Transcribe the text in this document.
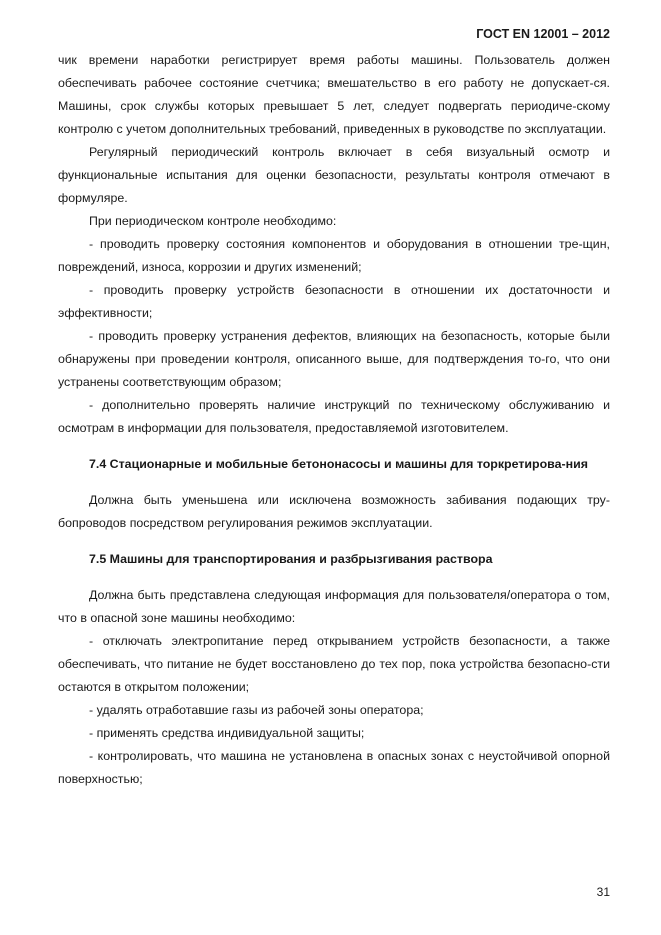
ГОСТ EN 12001 – 2012

чик времени наработки регистрирует время работы машины. Пользователь должен обеспечивать рабочее состояние счетчика; вмешательство в его работу не допускает-ся. Машины, срок службы которых превышает 5 лет, следует подвергать периодиче-скому контролю с учетом дополнительных требований, приведенных в руководстве по эксплуатации.

Регулярный периодический контроль включает в себя визуальный осмотр и функциональные испытания для оценки безопасности, результаты контроля отмечают в формуляре.

При периодическом контроле необходимо:

- проводить проверку состояния компонентов и оборудования в отношении тре-щин, повреждений, износа, коррозии и других изменений;

- проводить проверку устройств безопасности в отношении их достаточности и эффективности;

- проводить проверку устранения дефектов, влияющих на безопасность, которые были обнаружены при проведении контроля, описанного выше, для подтверждения то-го, что они устранены соответствующим образом;

- дополнительно проверять наличие инструкций по техническому обслуживанию и осмотрам в информации для пользователя, предоставляемой изготовителем.

7.4 Стационарные и мобильные бетононасосы и машины для торкретирова-ния

Должна быть уменьшена или исключена возможность забивания подающих тру-бопроводов посредством регулирования режимов эксплуатации.

7.5 Машины для транспортирования и разбрызгивания раствора

Должна быть представлена следующая информация для пользователя/оператора о том, что в опасной зоне машины необходимо:

- отключать электропитание перед открыванием устройств безопасности, а также обеспечивать, что питание не будет восстановлено до тех пор, пока устройства безопасно-сти остаются в открытом положении;

- удалять отработавшие газы из рабочей зоны оператора;

- применять средства индивидуальной защиты;

- контролировать, что машина не установлена в опасных зонах с неустойчивой опорной поверхностью;

31
